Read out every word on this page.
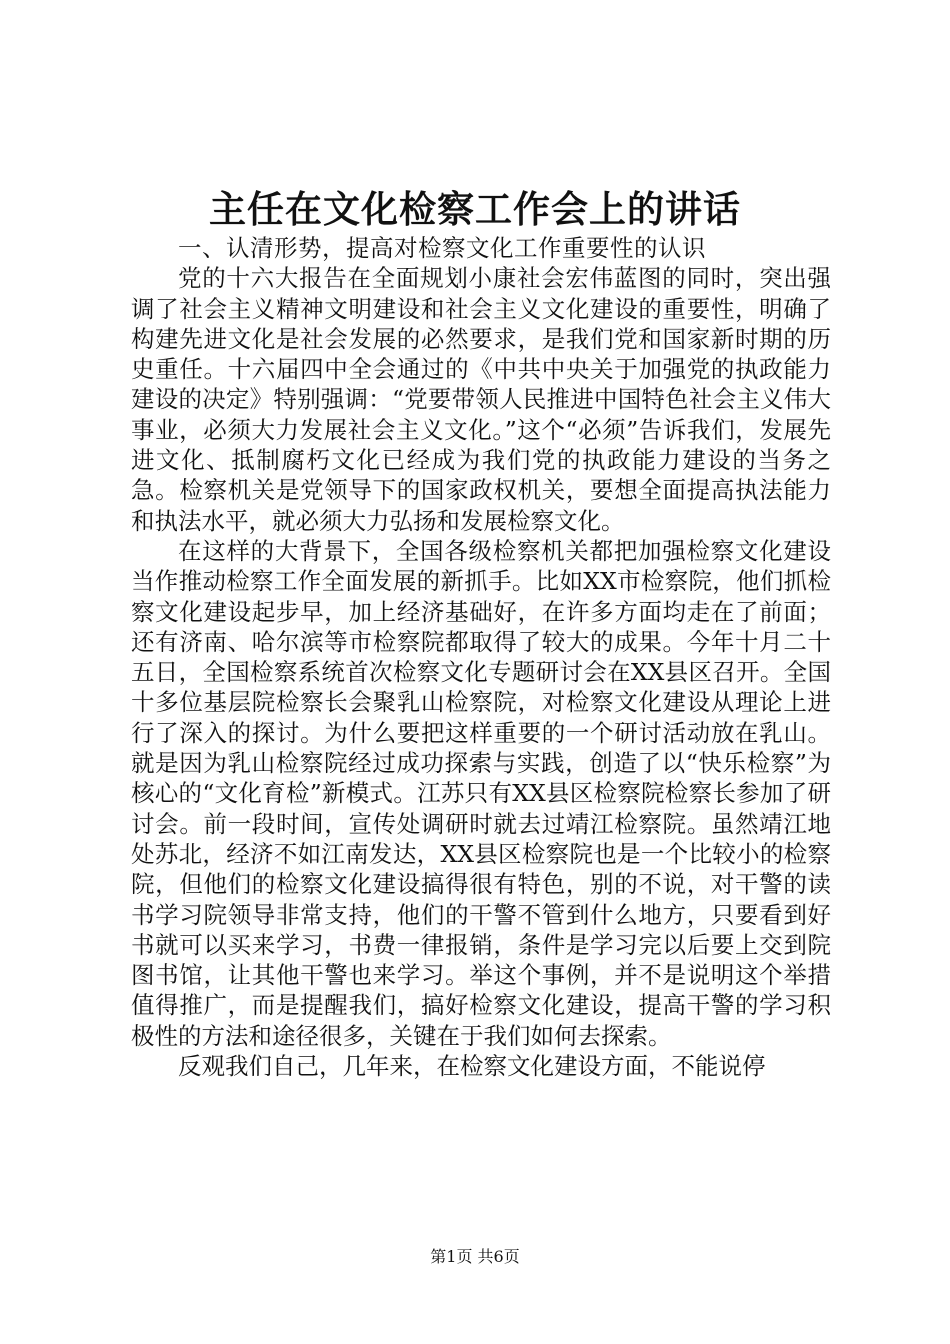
主任在文化检察工作会上的讲话

一、认清形势，提高对检察文化工作重要性的认识

党的十六大报告在全面规划小康社会宏伟蓝图的同时，突出强调了社会主义精神文明建设和社会主义文化建设的重要性，明确了构建先进文化是社会发展的必然要求，是我们党和国家新时期的历史重任。十六届四中全会通过的《中共中央关于加强党的执政能力建设的决定》特别强调：“党要带领人民推进中国特色社会主义伟大事业，必须大力发展社会主义文化。”这个“必须”告诉我们，发展先进文化、抵制腐朽文化已经成为我们党的执政能力建设的当务之急。检察机关是党领导下的国家政权机关，要想全面提高执法能力和执法水平，就必须大力弘扬和发展检察文化。

在这样的大背景下，全国各级检察机关都把加强检察文化建设当作推动检察工作全面发展的新抓手。比如XX市检察院，他们抓检察文化建设起步早，加上经济基础好，在许多方面均走在了前面；还有济南、哈尔滨等市检察院都取得了较大的成果。今年十月二十五日，全国检察系统首次检察文化专题研讨会在XX县区召开。全国十多位基层院检察长会聚乳山检察院，对检察文化建设从理论上进行了深入的探讨。为什么要把这样重要的一个研讨活动放在乳山。就是因为乳山检察院经过成功探索与实践，创造了以“快乐检察”为核心的“文化育检”新模式。江苏只有XX县区检察院检察长参加了研讨会。前一段时间，宣传处调研时就去过靖江检察院。虽然靖江地处苏北，经济不如江南发达，XX县区检察院也是一个比较小的检察院，但他们的检察文化建设搞得很有特色，别的不说，对干警的读书学习院领导非常支持，他们的干警不管到什么地方，只要看到好书就可以买来学习，书费一律报销，条件是学习完以后要上交到院图书馆，让其他干警也来学习。举这个事例，并不是说明这个举措值得推广，而是提醒我们，搞好检察文化建设，提高干警的学习积极性的方法和途径很多，关键在于我们如何去探索。

反观我们自己，几年来，在检察文化建设方面，不能说停

第1页 共6页
